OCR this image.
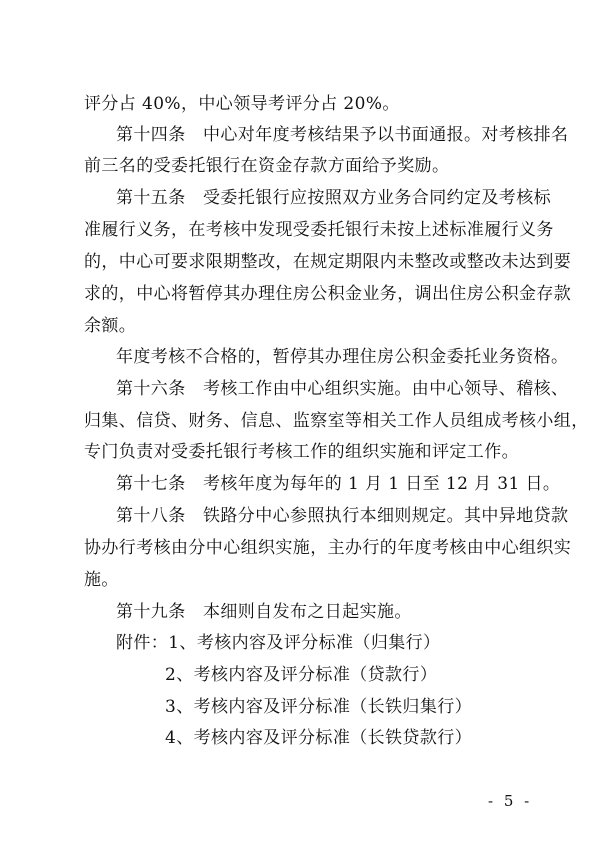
评分占 40%，中心领导考评分占 20%。
第十四条　中心对年度考核结果予以书面通报。对考核排名
前三名的受委托银行在资金存款方面给予奖励。
第十五条　受委托银行应按照双方业务合同约定及考核标
准履行义务，在考核中发现受委托银行未按上述标准履行义务
的，中心可要求限期整改，在规定期限内未整改或整改未达到要
求的，中心将暂停其办理住房公积金业务，调出住房公积金存款
余额。
年度考核不合格的，暂停其办理住房公积金委托业务资格。
第十六条　考核工作由中心组织实施。由中心领导、稽核、
归集、信贷、财务、信息、监察室等相关工作人员组成考核小组，
专门负责对受委托银行考核工作的组织实施和评定工作。
第十七条　考核年度为每年的 1 月 1 日至 12 月 31 日。
第十八条　铁路分中心参照执行本细则规定。其中异地贷款
协办行考核由分中心组织实施，主办行的年度考核由中心组织实
施。
第十九条　本细则自发布之日起实施。
附件：1、考核内容及评分标准（归集行）
2、考核内容及评分标准（贷款行）
3、考核内容及评分标准（长铁归集行）
4、考核内容及评分标准（长铁贷款行）
- 5 -
